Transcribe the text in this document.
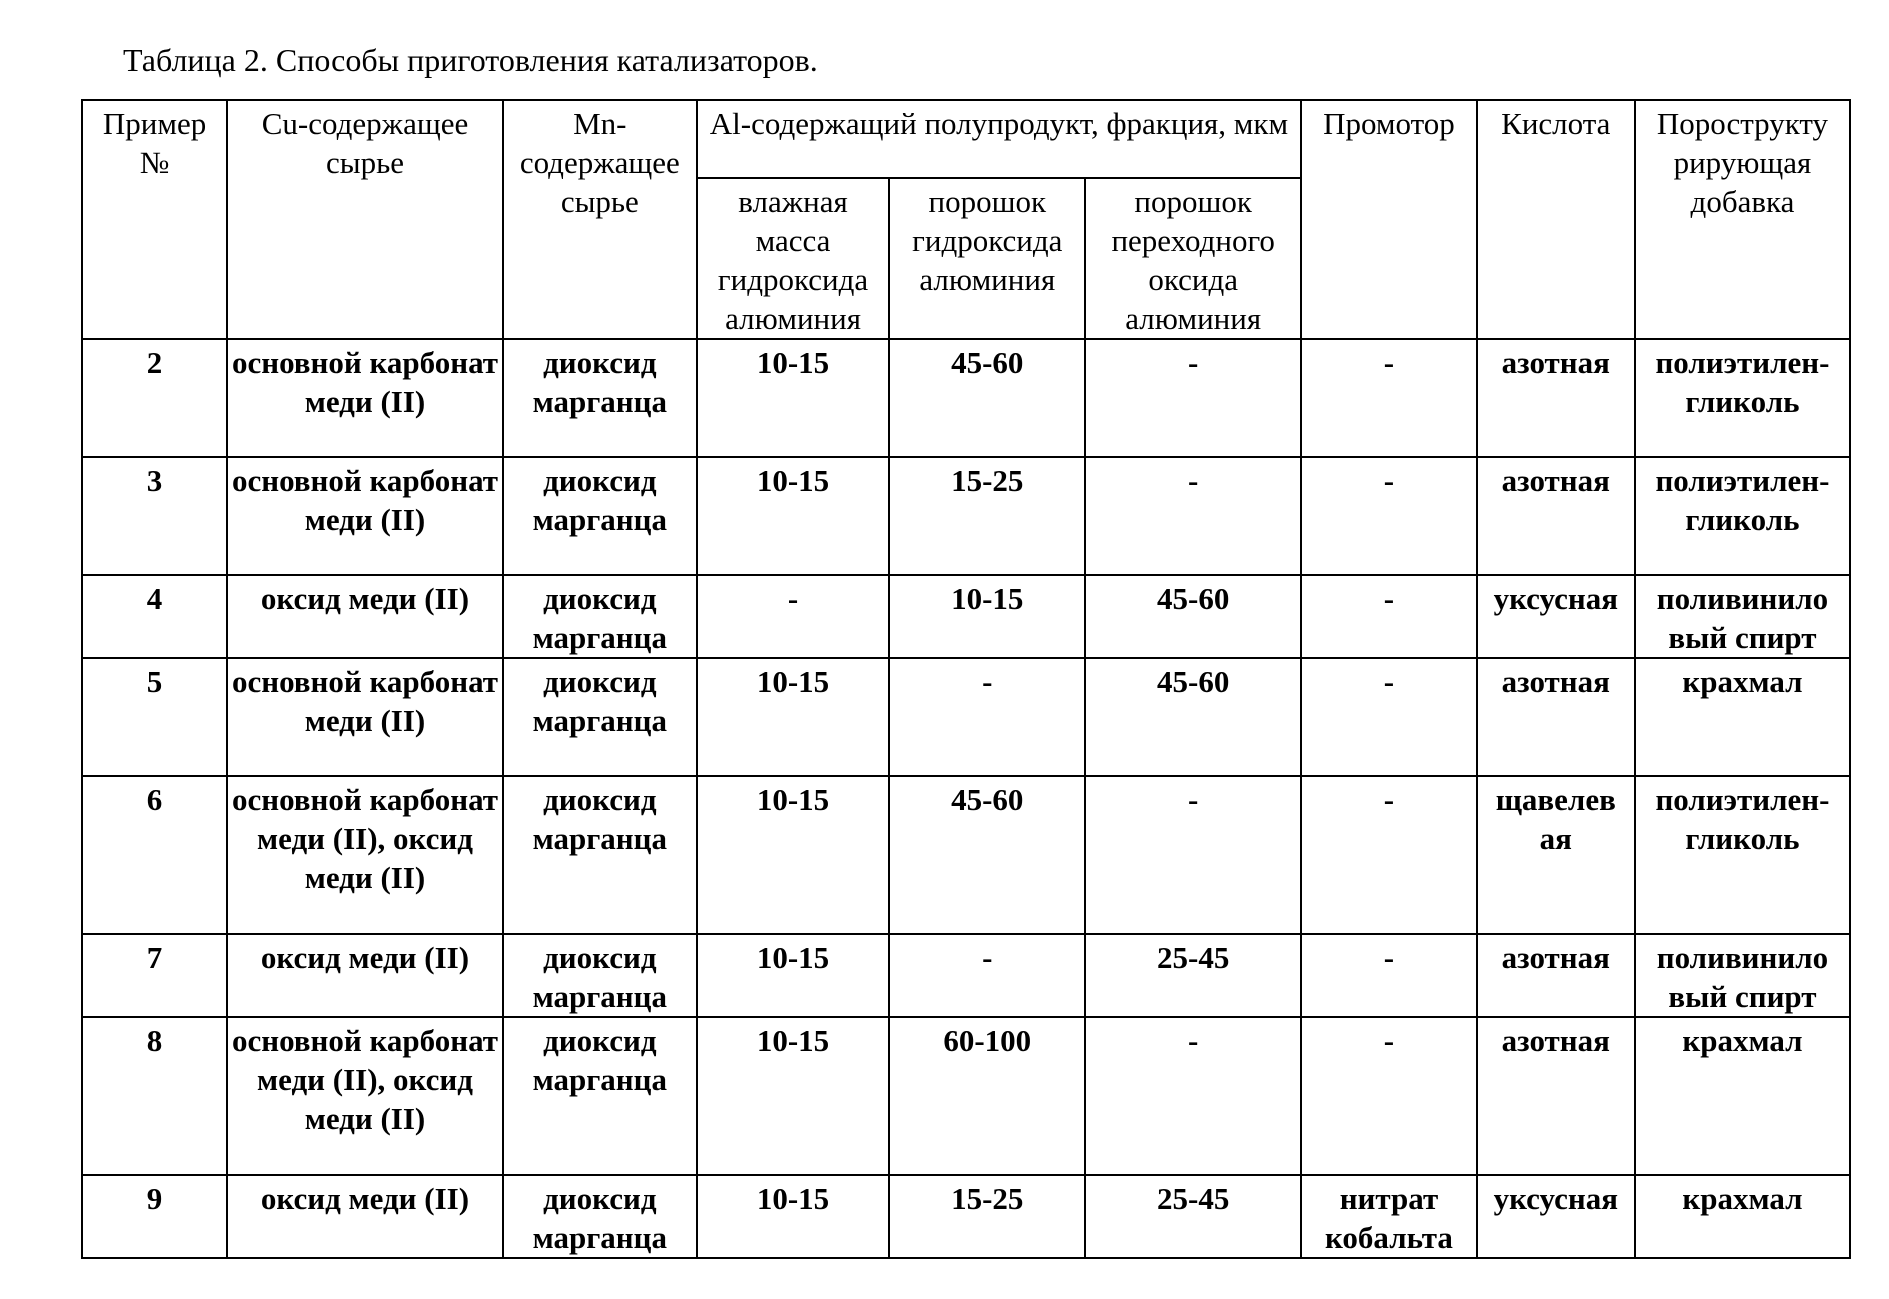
Таблица 2. Способы приготовления катализаторов.
Пример №	Cu-содержащее сырье	Mn-содержащее сырье	Al-содержащий полупродукт, фракция, мкм			Промотор	Кислота	Порострукту рирующая добавка
			влажная масса гидроксида алюминия	порошок гидроксида алюминия	порошок переходного оксида алюминия			
2	основной карбонат меди (II)	диоксид марганца	10-15	45-60	-	-	азотная	полиэтилен-гликоль
3	основной карбонат меди (II)	диоксид марганца	10-15	15-25	-	-	азотная	полиэтилен-гликоль
4	оксид меди (II)	диоксид марганца	-	10-15	45-60	-	уксусная	поливинило вый спирт
5	основной карбонат меди (II)	диоксид марганца	10-15	-	45-60	-	азотная	крахмал
6	основной карбонат меди (II), оксид меди (II)	диоксид марганца	10-15	45-60	-	-	щавелев ая	полиэтилен-гликоль
7	оксид меди (II)	диоксид марганца	10-15	-	25-45	-	азотная	поливинило вый спирт
8	основной карбонат меди (II), оксид меди (II)	диоксид марганца	10-15	60-100	-	-	азотная	крахмал
9	оксид меди (II)	диоксид марганца	10-15	15-25	25-45	нитрат кобальта	уксусная	крахмал
